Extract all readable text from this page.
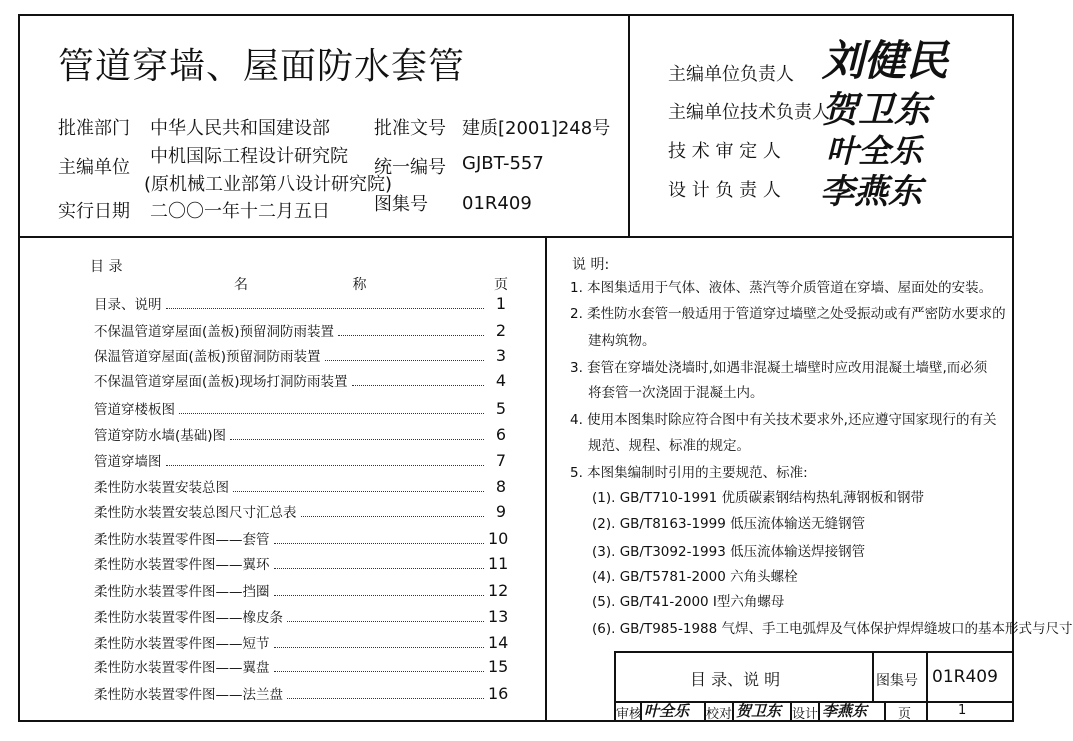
管道穿墙、屋面防水套管
批准部门 中华人民共和国建设部
主编单位
中机国际工程设计研究院
(原机械工业部第八设计研究院)
实行日期 二〇〇一年十二月五日
批准文号 建质[2001]248号
统一编号 GJBT-557
图集号 01R409
主编单位负责人 刘健民
主编单位技术负责人
贺卫东
技 术 审 定 人 叶全乐
设 计 负 责 人 李燕东
目 录
名 称	页
目录、说明	1
不保温管道穿屋面(盖板)预留洞防雨装置	2
保温管道穿屋面(盖板)预留洞防雨装置	3
不保温管道穿屋面(盖板)现场打洞防雨装置	4
管道穿楼板图	5
管道穿防水墙(基础)图	6
管道穿墙图	7
柔性防水装置安装总图	8
柔性防水装置安装总图尺寸汇总表	9
柔性防水装置零件图——套管	10
柔性防水装置零件图——翼环	11
柔性防水装置零件图——挡圈	12
柔性防水装置零件图——橡皮条	13
柔性防水装置零件图——短节	14
柔性防水装置零件图——翼盘	15
柔性防水装置零件图——法兰盘	16
说 明:
1. 本图集适用于气体、液体、蒸汽等介质管道在穿墙、屋面处的安装。
2. 柔性防水套管一般适用于管道穿过墙壁之处受振动或有严密防水要求的
建构筑物。
3. 套管在穿墙处浇墙时,如遇非混凝土墙壁时应改用混凝土墙壁,而必须
将套管一次浇固于混凝土内。
4. 使用本图集时除应符合图中有关技术要求外,还应遵守国家现行的有关
规范、规程、标准的规定。
5. 本图集编制时引用的主要规范、标准:
(1). GB/T710-1991 优质碳素钢结构热轧薄钢板和钢带
(2). GB/T8163-1999 低压流体输送无缝钢管
(3). GB/T3092-1993 低压流体输送焊接钢管
(4). GB/T5781-2000 六角头螺栓
(5). GB/T41-2000 I型六角螺母
(6). GB/T985-1988 气焊、手工电弧焊及气体保护焊焊缝坡口的基本形式与尺寸
目 录、说 明	图集号 01R409
审核 叶全乐 校对 贺卫东 设计 李燕东 页	1
